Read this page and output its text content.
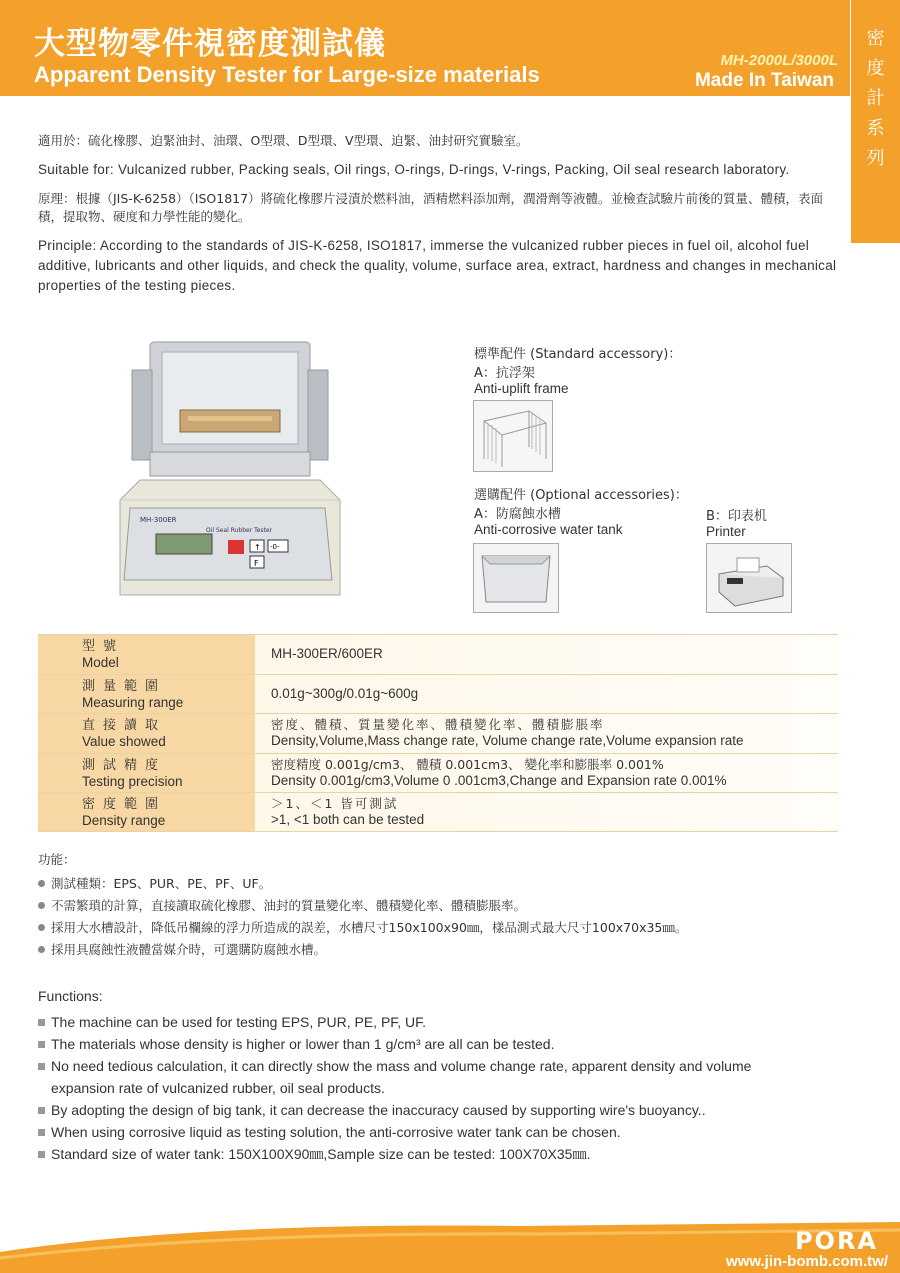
大型物零件視密度測試儀
Apparent Density Tester for Large-size materials
MH-2000L/3000L
Made In Taiwan
密
度
計
系
列

適用於：硫化橡膠、迫緊油封、油環、O型環、D型環、V型環、迫緊、油封研究實驗室。

Suitable for: Vulcanized rubber, Packing seals, Oil rings, O-rings, D-rings, V-rings, Packing, Oil seal research laboratory.

原理：根據（JIS-K-6258）（ISO1817）將硫化橡膠片浸漬於燃料油，酒精燃料添加劑，潤滑劑等液體。並檢查試驗片前後的質量、體積，表面積，提取物、硬度和力學性能的變化。

Principle: According to the standards of JIS-K-6258, ISO1817, immerse the vulcanized rubber pieces in fuel oil, alcohol fuel additive, lubricants and other liquids, and check the quality, volume, surface area, extract, hardness and changes in mechanical properties of the testing pieces.

MH-300ER
Oil Seal Rubber Tester
↑ -0-
F
標準配件 (Standard accessory)：
A：抗浮架
Anti-uplift frame
選購配件 (Optional accessories)：
A：防腐蝕水槽
Anti-corrosive water tank
B：印表机
Printer
型號
Model
MH-300ER/600ER
測量範圍
Measuring range
0.01g~300g/0.01g~600g
直接讀取
Value showed
密度、體積、質量變化率、體積變化率、體積膨脹率
Density,Volume,Mass change rate, Volume change rate,Volume expansion rate
測試精度
Testing precision
密度精度 0.001g/cm3、 體積 0.001cm3、 變化率和膨脹率 0.001%
Density 0.001g/cm3,Volume 0 .001cm3,Change and Expansion rate 0.001%
密度範圍
Density range
＞1、＜1 皆可測試
>1, <1 both can be tested
功能：
測試種類：EPS、PUR、PE、PF、UF。
不需繁瑣的計算，直接讀取硫化橡膠、油封的質量變化率、體積變化率、體積膨脹率。
採用大水槽設計，降低吊欄線的浮力所造成的誤差，水槽尺寸150x100x90㎜，樣品測式最大尺寸100x70x35㎜。
採用具腐蝕性液體當媒介時，可選購防腐蝕水槽。
Functions:
The machine can be used for testing EPS, PUR, PE, PF, UF.
The materials whose density is higher or lower than 1 g/cm³ are all can be tested.
No need tedious calculation, it can directly show the mass and volume change rate, apparent density and volume
expansion rate of vulcanized rubber, oil seal products.
By adopting the design of big tank, it can decrease the inaccuracy caused by supporting wire's buoyancy..
When using corrosive liquid as testing solution, the anti-corrosive water tank can be chosen.
Standard size of water tank: 150X100X90㎜,Sample size can be tested: 100X70X35㎜.
PORA
www.jin-bomb.com.tw/
